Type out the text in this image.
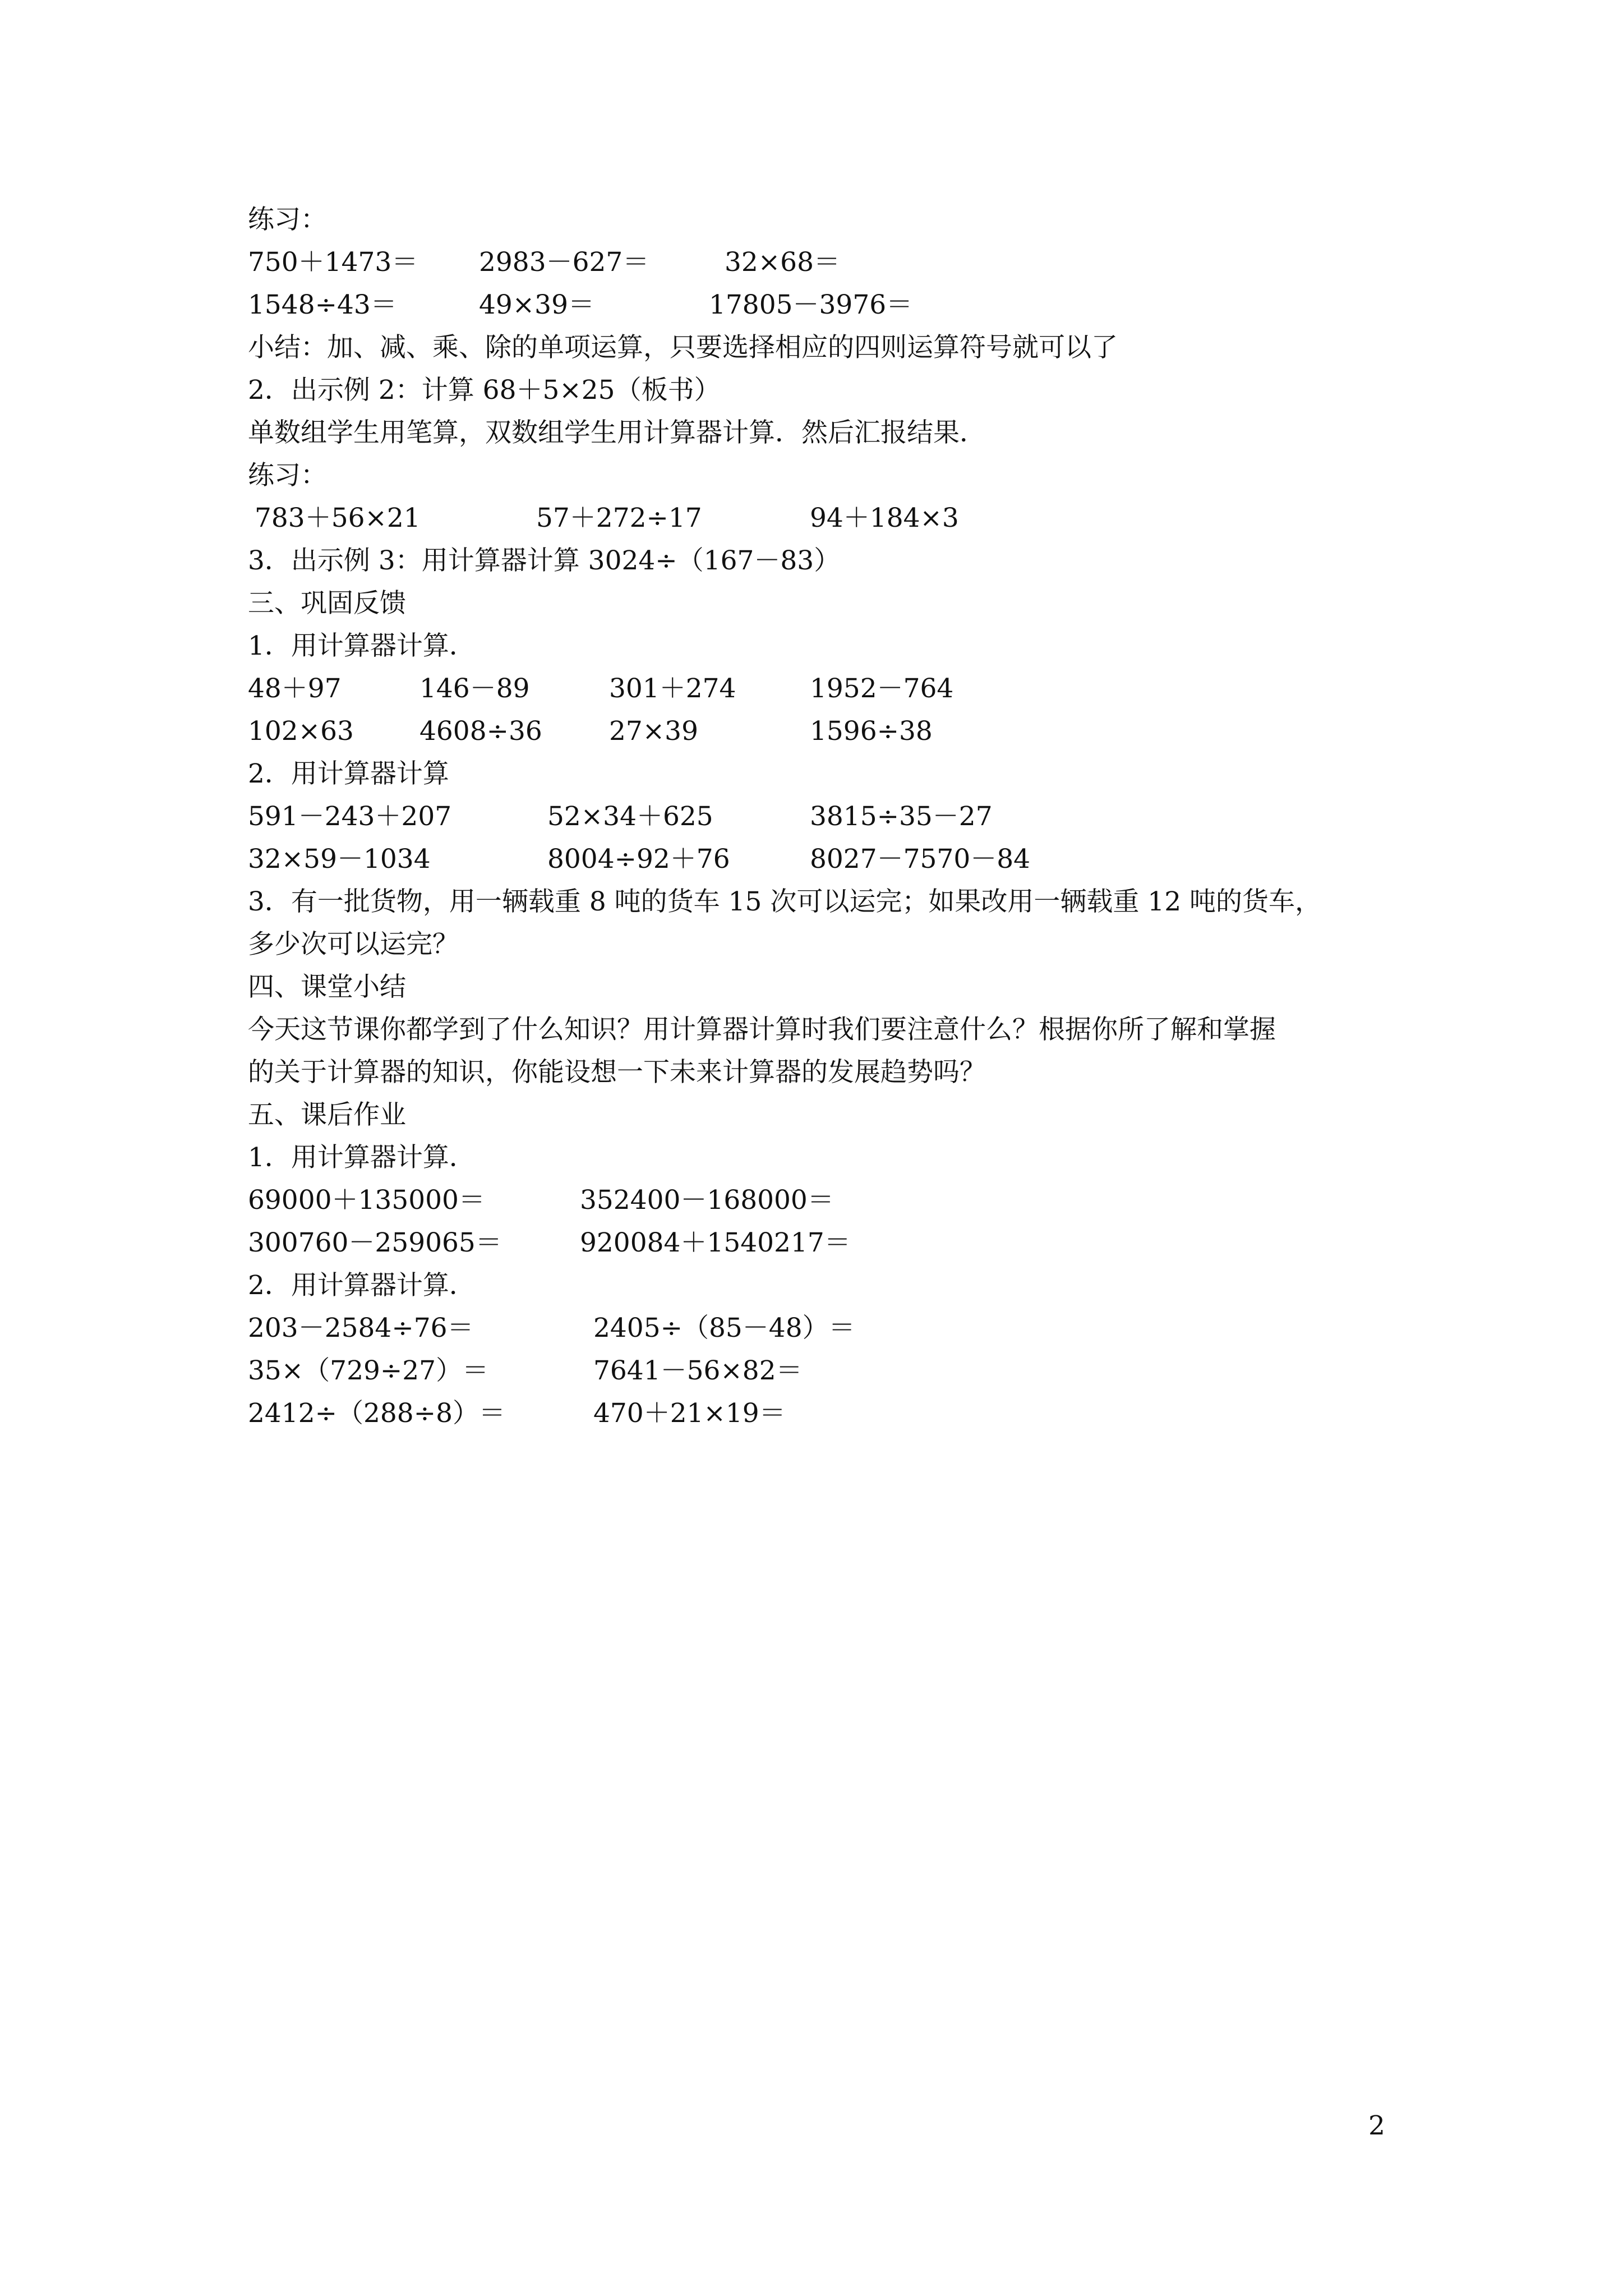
练习：
750＋1473＝ 2983－627＝	32×68＝
1548÷43＝	49×39＝	17805－3976＝
小结：加、减、乘、除的单项运算，只要选择相应的四则运算符号就可以了
2．出示例 2：计算 68＋5×25（板书）
单数组学生用笔算，双数组学生用计算器计算．然后汇报结果．
练习：
783＋56×21	57＋272÷17	94＋184×3
3．出示例 3：用计算器计算 3024÷（167－83）
三、巩固反馈
1．用计算器计算．
48＋97	146－89	301＋274	1952－764
102×63 4608÷36	27×39	1596÷38
2．用计算器计算
591－243＋207	52×34＋625	3815÷35－27
32×59－1034	8004÷92＋76	8027－7570－84
3．有一批货物，用一辆载重 8 吨的货车 15 次可以运完；如果改用一辆载重 12 吨的货车，
多少次可以运完？
四、课堂小结
今天这节课你都学到了什么知识？用计算器计算时我们要注意什么？根据你所了解和掌握
的关于计算器的知识，你能设想一下未来计算器的发展趋势吗？
五、课后作业
1．用计算器计算．
69000＋135000＝	352400－168000＝
300760－259065＝	920084＋1540217＝
2．用计算器计算．
203－2584÷76＝	2405÷（85－48）＝
35×（729÷27）＝	7641－56×82＝
2412÷（288÷8）＝	470＋21×19＝
2
